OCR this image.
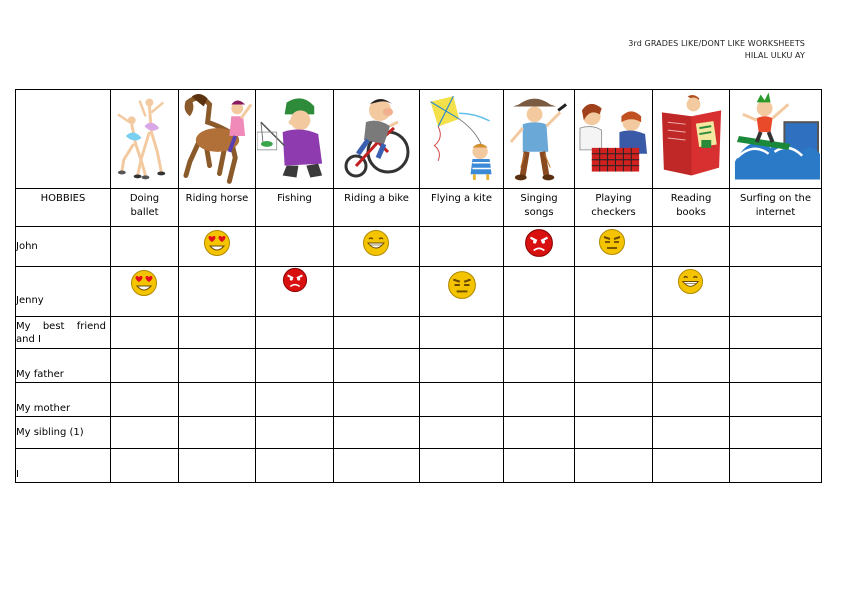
3rd GRADES LIKE/DONT LIKE WORKSHEETS
HILAL ULKU AY

HOBBIES	Doing ballet	Riding horse	Fishing	Riding a bike	Flying a kite	Singing songs	Playing checkers	Reading books	Surfing on the internet
John		

Jenny	

My best friend and I									
My father									
My mother									
My sibling (1)									
I									
